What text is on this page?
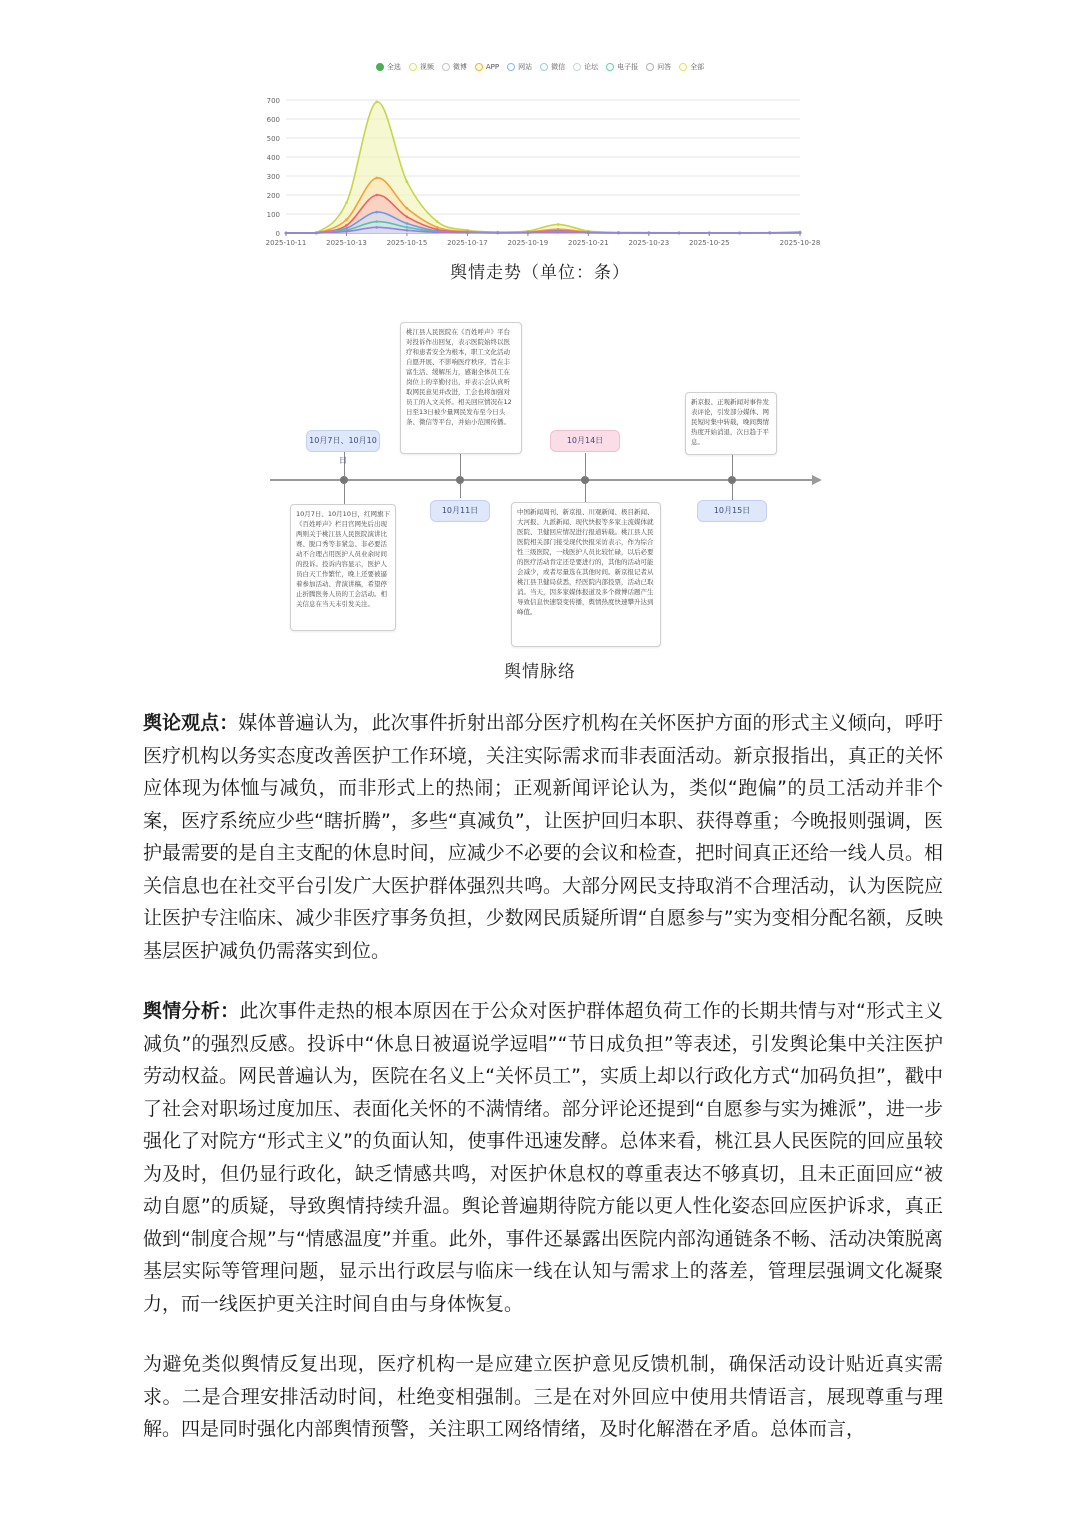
全选	视频	微博	APP	网站	微信	论坛	电子报	问答	全部
0
100
200
300
400
500
600
700
2025-10-11	2025-10-13	2025-10-15	2025-10-17	2025-10-19	2025-10-21	2025-10-23	2025-10-25	2025-10-28
舆情走势（单位：条）
10月7日、10月10日
10月11日
10月14日
10月15日
10月7日、10月10日，红网旗下《百姓呼声》栏目官网先后出现两则关于桃江县人民医院演讲比赛、脱口秀等非紧急、非必要活动不合理占用医护人员业余时间的投诉。投诉内容显示，医护人员白天工作繁忙，晚上还要被逼着参加活动、背演讲稿，希望停止折腾医务人员的工会活动。相关信息在当天未引发关注。
桃江县人民医院在《百姓呼声》平台对投诉作出回复，表示医院始终以医疗和患者安全为根本，职工文化活动自愿开展、不影响医疗秩序，旨在丰富生活、缓解压力，感谢全体员工在岗位上的辛勤付出，并表示会认真听取网民意见并改进，工会也将加强对员工的人文关怀。相关回应情况在12日至13日被少量网民发布至今日头条、微信等平台，并始小范围传播。
中国新闻周刊、新京报、川观新闻、极目新闻、大河报、九派新闻、现代快报等多家主流媒体就医院、卫健回应情况进行报道转载。桃江县人民医院相关部门接受现代快报采访表示，作为综合性三级医院，一线医护人员比较忙碌，以后必要的医疗活动肯定还是要进行的，其他的活动可能会减少，或者尽量选在其他时间。新京报记者从桃江县卫健局获悉，经医院内部投票，活动已取消。当天，因多家媒体报道及多个微博话题产生导致信息快速裂变传播，舆情热度快速攀升达到峰值。
新京报、正观新闻对事件发表评论，引发部分媒体、网民短时集中转载，晚间舆情热度开始消退，次日趋于平息。
舆情脉络
舆论观点：媒体普遍认为，此次事件折射出部分医疗机构在关怀医护方面的形式主义倾向，呼吁医疗机构以务实态度改善医护工作环境，关注实际需求而非表面活动。新京报指出，真正的关怀应体现为体恤与减负，而非形式上的热闹；正观新闻评论认为，类似“跑偏”的员工活动并非个案，医疗系统应少些“瞎折腾”，多些“真减负”，让医护回归本职、获得尊重；今晚报则强调，医护最需要的是自主支配的休息时间，应减少不必要的会议和检查，把时间真正还给一线人员。相关信息也在社交平台引发广大医护群体强烈共鸣。大部分网民支持取消不合理活动，认为医院应让医护专注临床、减少非医疗事务负担，少数网民质疑所谓“自愿参与”实为变相分配名额，反映基层医护减负仍需落实到位。
舆情分析：此次事件走热的根本原因在于公众对医护群体超负荷工作的长期共情与对“形式主义减负”的强烈反感。投诉中“休息日被逼说学逗唱”“节日成负担”等表述，引发舆论集中关注医护劳动权益。网民普遍认为，医院在名义上“关怀员工”，实质上却以行政化方式“加码负担”，戳中了社会对职场过度加压、表面化关怀的不满情绪。部分评论还提到“自愿参与实为摊派”，进一步强化了对院方“形式主义”的负面认知，使事件迅速发酵。总体来看，桃江县人民医院的回应虽较为及时，但仍显行政化，缺乏情感共鸣，对医护休息权的尊重表达不够真切，且未正面回应“被动自愿”的质疑，导致舆情持续升温。舆论普遍期待院方能以更人性化姿态回应医护诉求，真正做到“制度合规”与“情感温度”并重。此外，事件还暴露出医院内部沟通链条不畅、活动决策脱离基层实际等管理问题，显示出行政层与临床一线在认知与需求上的落差，管理层强调文化凝聚力，而一线医护更关注时间自由与身体恢复。
为避免类似舆情反复出现，医疗机构一是应建立医护意见反馈机制，确保活动设计贴近真实需求。二是合理安排活动时间，杜绝变相强制。三是在对外回应中使用共情语言，展现尊重与理解。四是同时强化内部舆情预警，关注职工网络情绪，及时化解潜在矛盾。总体而言，
